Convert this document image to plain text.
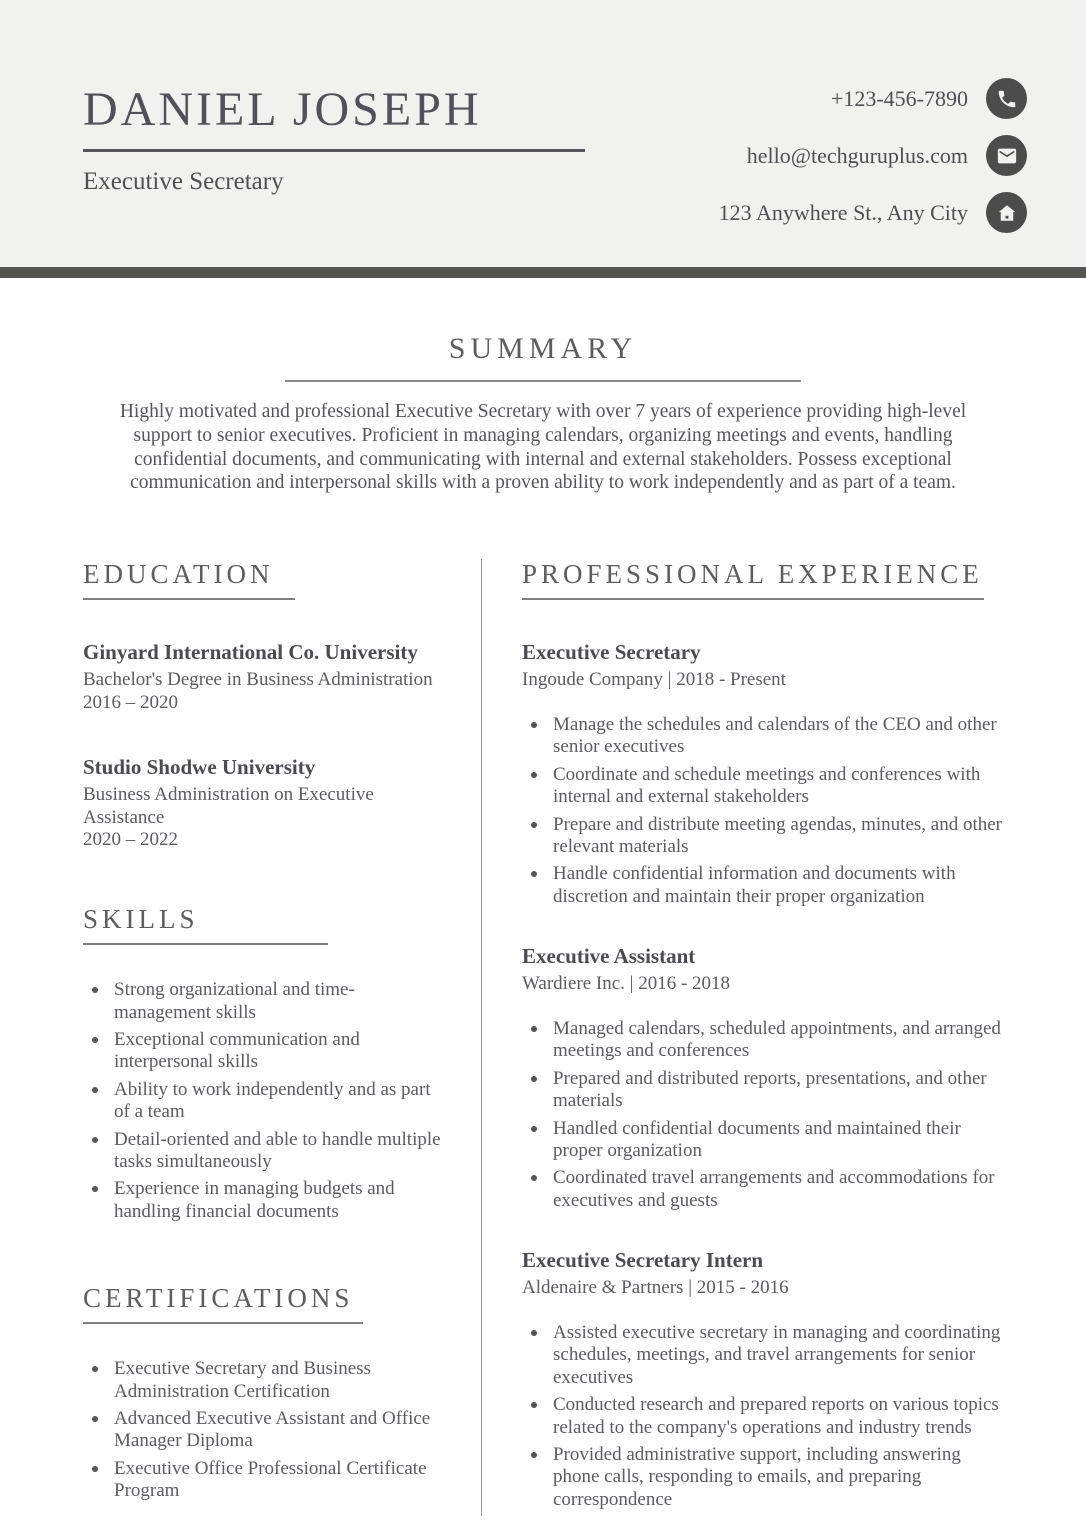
DANIEL JOSEPH
Executive Secretary
+123-456-7890
hello@techguruplus.com
123 Anywhere St., Any City
SUMMARY

Highly motivated and professional Executive Secretary with over 7 years of experience providing high-level support to senior executives. Proficient in managing calendars, organizing meetings and events, handling confidential documents, and communicating with internal and external stakeholders. Possess exceptional communication and interpersonal skills with a proven ability to work independently and as part of a team.

EDUCATION
Ginyard International Co. University
Bachelor's Degree in Business Administration
2016 – 2020
Studio Shodwe University
Business Administration on Executive Assistance
2020 – 2022
SKILLS
Strong organizational and time-management skills
Exceptional communication and interpersonal skills
Ability to work independently and as part of a team
Detail-oriented and able to handle multiple tasks simultaneously
Experience in managing budgets and handling financial documents
CERTIFICATIONS
Executive Secretary and Business Administration Certification
Advanced Executive Assistant and Office Manager Diploma
Executive Office Professional Certificate Program
PROFESSIONAL EXPERIENCE
Executive Secretary
Ingoude Company | 2018 - Present
Manage the schedules and calendars of the CEO and other senior executives
Coordinate and schedule meetings and conferences with internal and external stakeholders
Prepare and distribute meeting agendas, minutes, and other relevant materials
Handle confidential information and documents with discretion and maintain their proper organization
Executive Assistant
Wardiere Inc. | 2016 - 2018
Managed calendars, scheduled appointments, and arranged meetings and conferences
Prepared and distributed reports, presentations, and other materials
Handled confidential documents and maintained their proper organization
Coordinated travel arrangements and accommodations for executives and guests
Executive Secretary Intern
Aldenaire & Partners | 2015 - 2016
Assisted executive secretary in managing and coordinating schedules, meetings, and travel arrangements for senior executives
Conducted research and prepared reports on various topics related to the company's operations and industry trends
Provided administrative support, including answering phone calls, responding to emails, and preparing correspondence
